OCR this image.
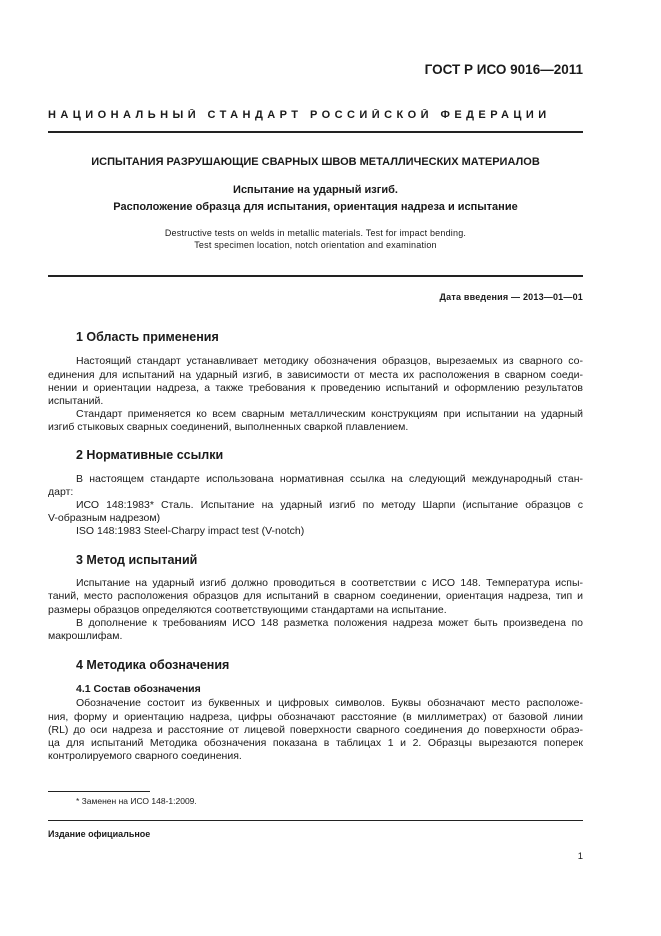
ГОСТ Р ИСО 9016—2011
НАЦИОНАЛЬНЫЙ СТАНДАРТ РОССИЙСКОЙ ФЕДЕРАЦИИ
ИСПЫТАНИЯ РАЗРУШАЮЩИЕ СВАРНЫХ ШВОВ МЕТАЛЛИЧЕСКИХ МАТЕРИАЛОВ
Испытание на ударный изгиб.
Расположение образца для испытания, ориентация надреза и испытание
Destructive tests on welds in metallic materials. Test for impact bending.
Test specimen location, notch orientation and examination
Дата введения — 2013—01—01
1 Область применения
Настоящий стандарт устанавливает методику обозначения образцов, вырезаемых из сварного со-
единения для испытаний на ударный изгиб, в зависимости от места их расположения в сварном соеди-
нении и ориентации надреза, а также требования к проведению испытаний и оформлению результатов
испытаний.
Стандарт применяется ко всем сварным металлическим конструкциям при испытании на ударный
изгиб стыковых сварных соединений, выполненных сваркой плавлением.
2 Нормативные ссылки
В настоящем стандарте использована нормативная ссылка на следующий международный стан-
дарт:
ИСО 148:1983* Сталь. Испытание на ударный изгиб по методу Шарпи (испытание образцов с
V-образным надрезом)
ISO 148:1983 Steel-Charpy impact test (V-notch)
3 Метод испытаний
Испытание на ударный изгиб должно проводиться в соответствии с ИСО 148. Температура испы-
таний, место расположения образцов для испытаний в сварном соединении, ориентация надреза, тип и
размеры образцов определяются соответствующими стандартами на испытание.
В дополнение к требованиям ИСО 148 разметка положения надреза может быть произведена по
макрошлифам.
4 Методика обозначения
4.1 Состав обозначения
Обозначение состоит из буквенных и цифровых символов. Буквы обозначают место расположе-
ния, форму и ориентацию надреза, цифры обозначают расстояние (в миллиметрах) от базовой линии
(RL) до оси надреза и расстояние от лицевой поверхности сварного соединения до поверхности обраэ-
ца для испытаний Методика обозначения показана в таблицах 1 и 2. Образцы вырезаются поперек
контролируемого сварного соединения.
* Заменен на ИСО 148-1:2009.
Издание официальное
1
